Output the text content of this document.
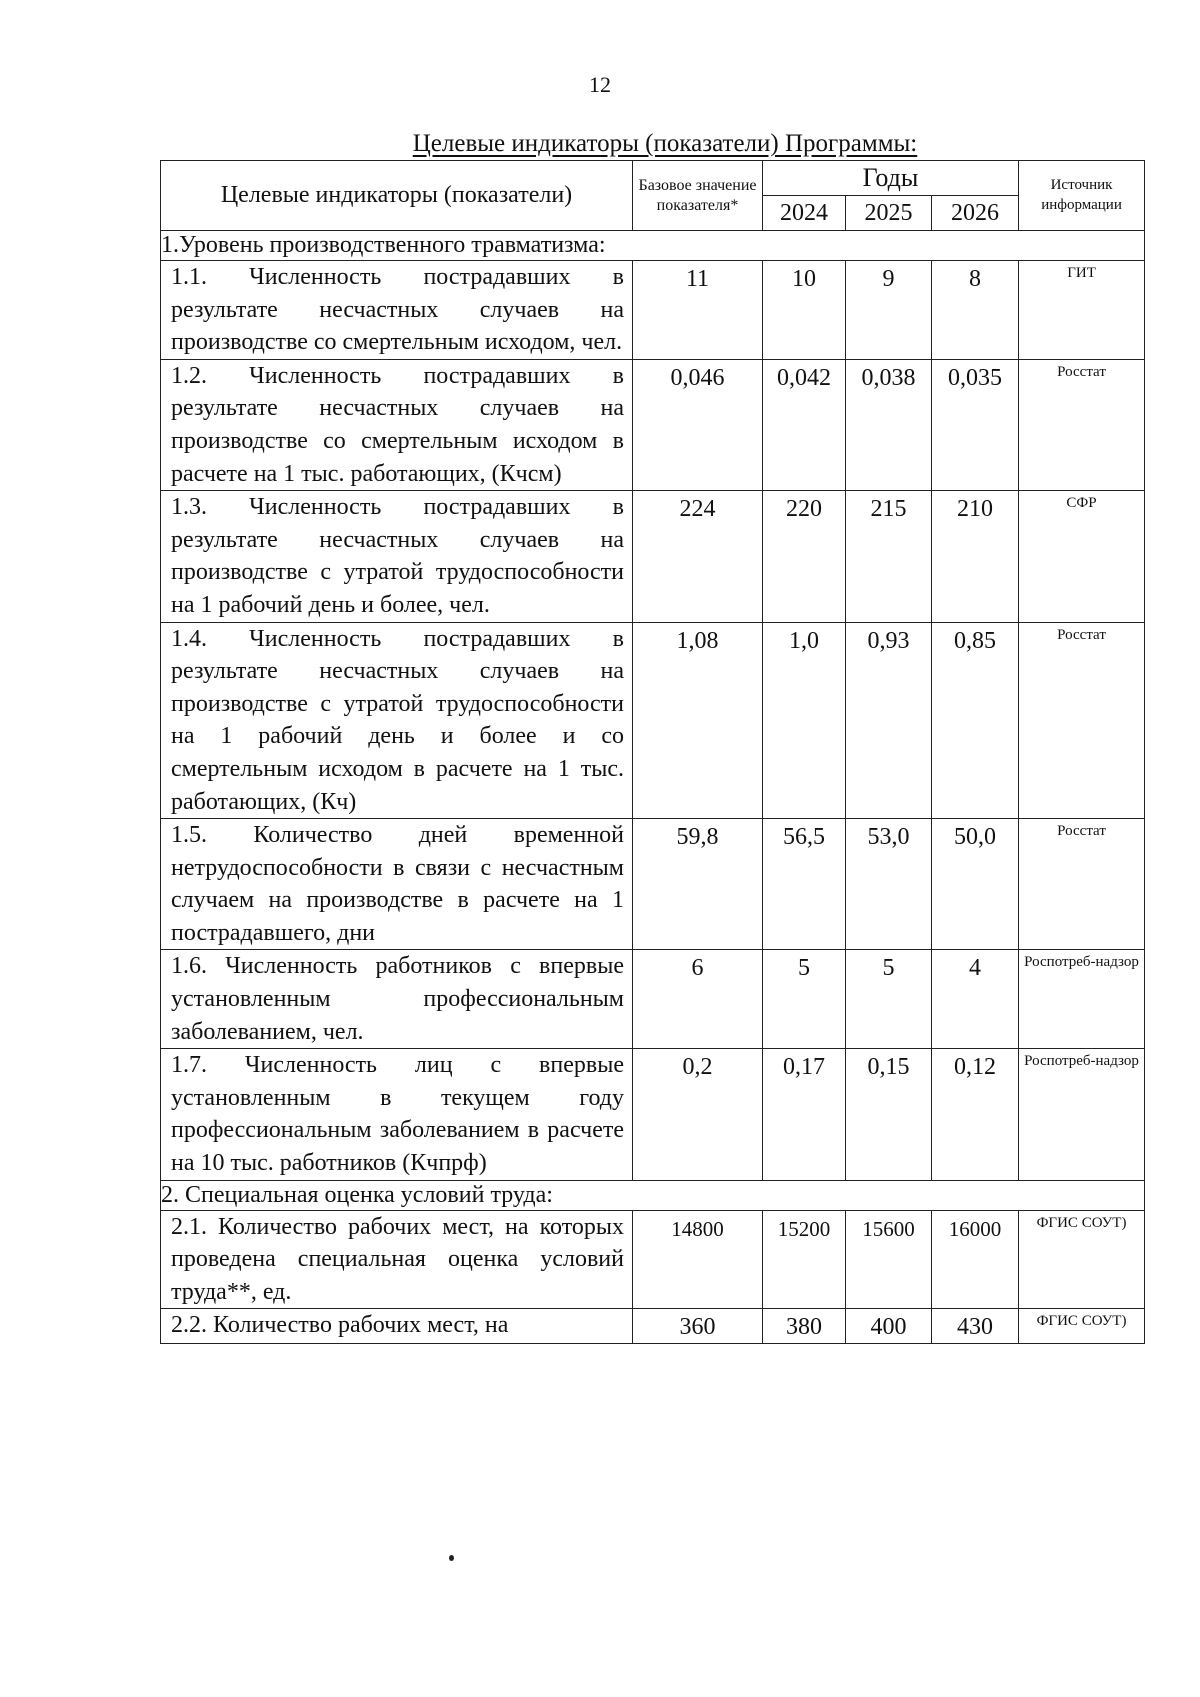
12
Целевые индикаторы (показатели) Программы:
Целевые индикаторы (показатели)	Базовое значение показателя*	Годы			Источник информации
		2024	2025	2026	
1.Уровень производственного травматизма:					
1.1. Численность пострадавших в результате несчастных случаев на производстве со смертельным исходом, чел.	11	10	9	8	ГИТ
1.2. Численность пострадавших в результате несчастных случаев на производстве со смертельным исходом в расчете на 1 тыс. работающих, (Кчсм)	0,046	0,042	0,038	0,035	Росстат
1.3. Численность пострадавших в результате несчастных случаев на производстве с утратой трудоспособности на 1 рабочий день и более, чел.	224	220	215	210	СФР
1.4. Численность пострадавших в результате несчастных случаев на производстве с утратой трудоспособности на 1 рабочий день и более и со смертельным исходом в расчете на 1 тыс. работающих, (Кч)	1,08	1,0	0,93	0,85	Росстат
1.5. Количество дней временной нетрудоспособности в связи с несчастным случаем на производстве в расчете на 1 пострадавшего, дни	59,8	56,5	53,0	50,0	Росстат
1.6. Численность работников с впервые установленным профессиональным заболеванием, чел.	6	5	5	4	Роспотреб-надзор
1.7. Численность лиц с впервые установленным в текущем году профессиональным заболеванием в расчете на 10 тыс. работников (Кчпрф)	0,2	0,17	0,15	0,12	Роспотреб-надзор
2. Специальная оценка условий труда:					
2.1. Количество рабочих мест, на которых проведена специальная оценка условий труда**, ед.	14800	15200	15600	16000	ФГИС СОУТ)
2.2. Количество рабочих мест, на	360	380	400	430	ФГИС СОУТ)
